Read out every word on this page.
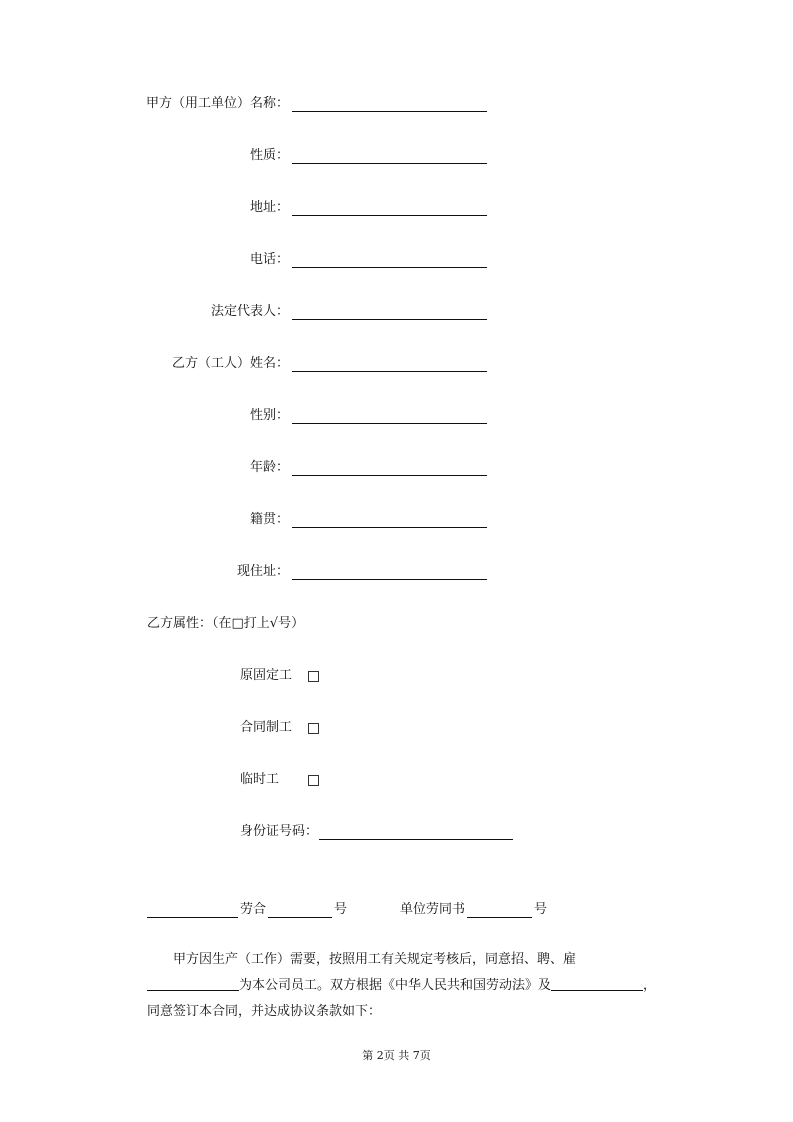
甲方（用工单位）名称：
性质：
地址：
电话：
法定代表人：
乙方（工人）姓名：
性别：
年龄：
籍贯：
现住址：
乙方属性：（在□打上√号）
原固定工
合同制工
临时工
身份证号码：
劳合	号	单位劳同书	号
甲方因生产（工作）需要，按照用工有关规定考核后，同意招、聘、雇为本公司员工。双方根据《中华人民共和国劳动法》及	，同意签订本合同，并达成协议条款如下：
第 2页 共 7页
